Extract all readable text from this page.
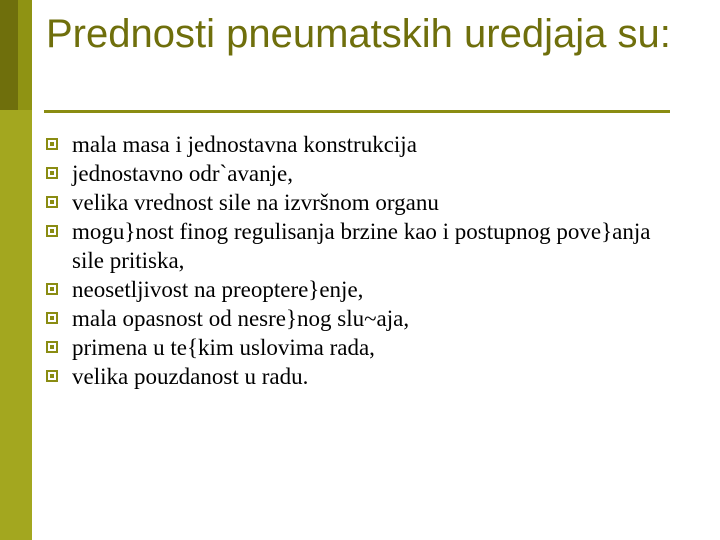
Prednosti pneumatskih uredjaja su:
mala masa i jednostavna konstrukcija
jednostavno odr`avanje,
velika vrednost sile na izvršnom organu
mogu}nost finog regulisanja brzine kao i postupnog pove}anja sile pritiska,
neosetljivost na preoptere}enje,
mala opasnost od nesre}nog slu~aja,
primena u te{kim uslovima rada,
velika pouzdanost u radu.
